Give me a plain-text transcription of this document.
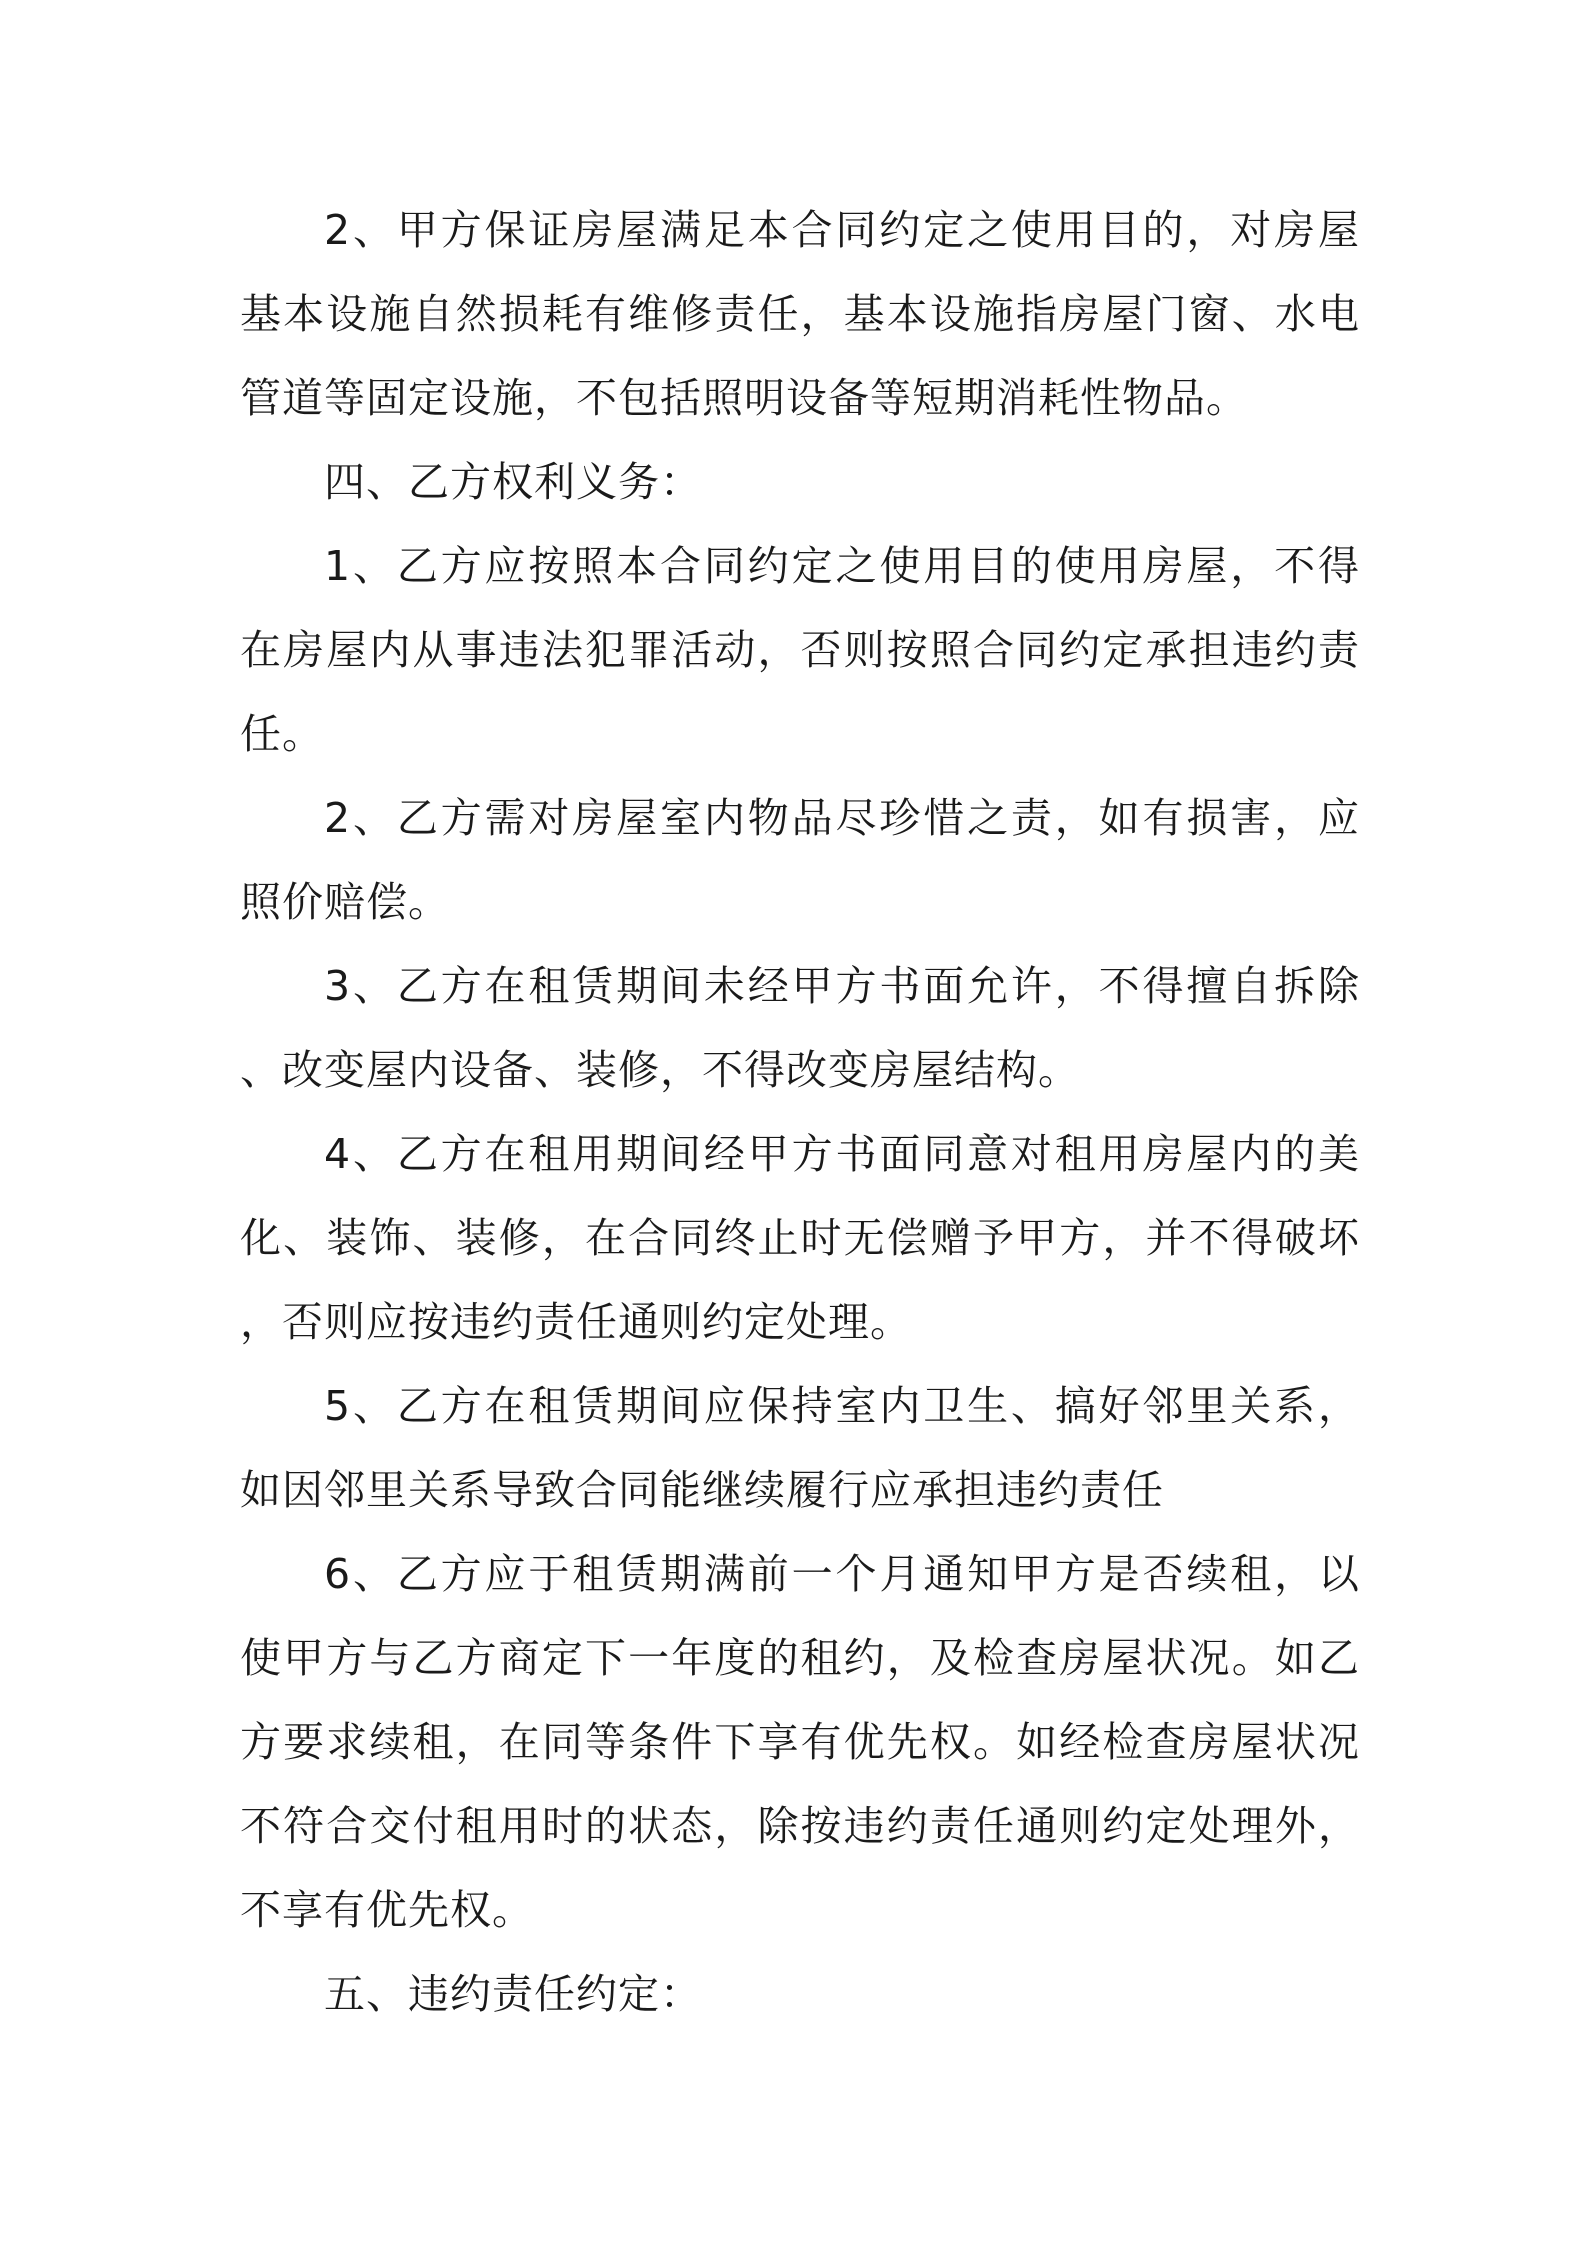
2、甲方保证房屋满足本合同约定之使用目的，对房屋
基本设施自然损耗有维修责任，基本设施指房屋门窗、水电
管道等固定设施，不包括照明设备等短期消耗性物品。
四、乙方权利义务：
1、乙方应按照本合同约定之使用目的使用房屋，不得
在房屋内从事违法犯罪活动，否则按照合同约定承担违约责
任。
2、乙方需对房屋室内物品尽珍惜之责，如有损害，应
照价赔偿。
3、乙方在租赁期间未经甲方书面允许，不得擅自拆除
、改变屋内设备、装修，不得改变房屋结构。
4、乙方在租用期间经甲方书面同意对租用房屋内的美
化、装饰、装修，在合同终止时无偿赠予甲方，并不得破坏
，否则应按违约责任通则约定处理。
5、乙方在租赁期间应保持室内卫生、搞好邻里关系，
如因邻里关系导致合同能继续履行应承担违约责任
6、乙方应于租赁期满前一个月通知甲方是否续租，以
使甲方与乙方商定下一年度的租约，及检查房屋状况。如乙
方要求续租，在同等条件下享有优先权。如经检查房屋状况
不符合交付租用时的状态，除按违约责任通则约定处理外，
不享有优先权。
五、违约责任约定：
